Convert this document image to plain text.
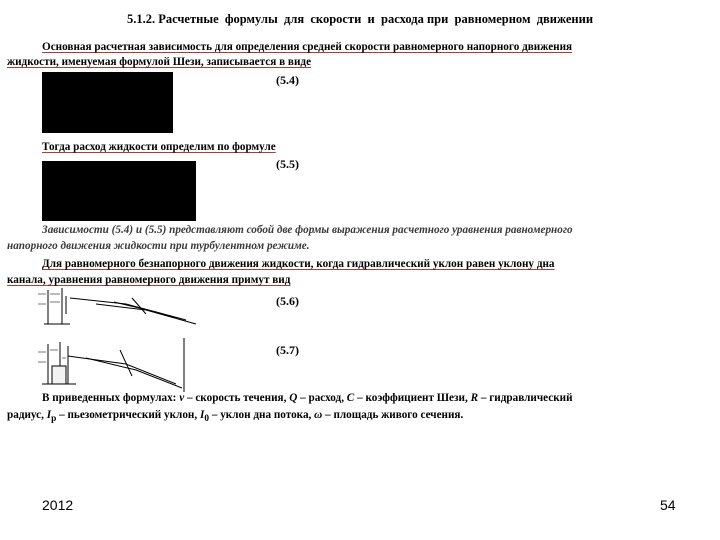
5.1.2. Расчетные  формулы  для  скорости  и  расхода при  равномерном  движении
Основная расчетная зависимость для определения средней скорости равномерного напорного движения
жидкости, именуемая формулой Шези, записывается в виде
(5.4)
Тогда расход жидкости определим по формуле
(5.5)
Зависимости (5.4) и (5.5) представляют собой две формы выражения расчетного уравнения равномерного
напорного движения жидкости при турбулентном режиме.
Для равномерного безнапорного движения жидкости, когда гидравлический уклон равен уклону дна
канала, уравнения равномерного движения примут вид
(5.6)
(5.7)
В приведенных формулах: v – скорость течения, Q – расход, C – коэффициент Шези, R – гидравлический
радиус, $I_p$ – пьезометрический уклон, $I_0$ – уклон дна потока, ω – площадь живого сечения.
2012	54
